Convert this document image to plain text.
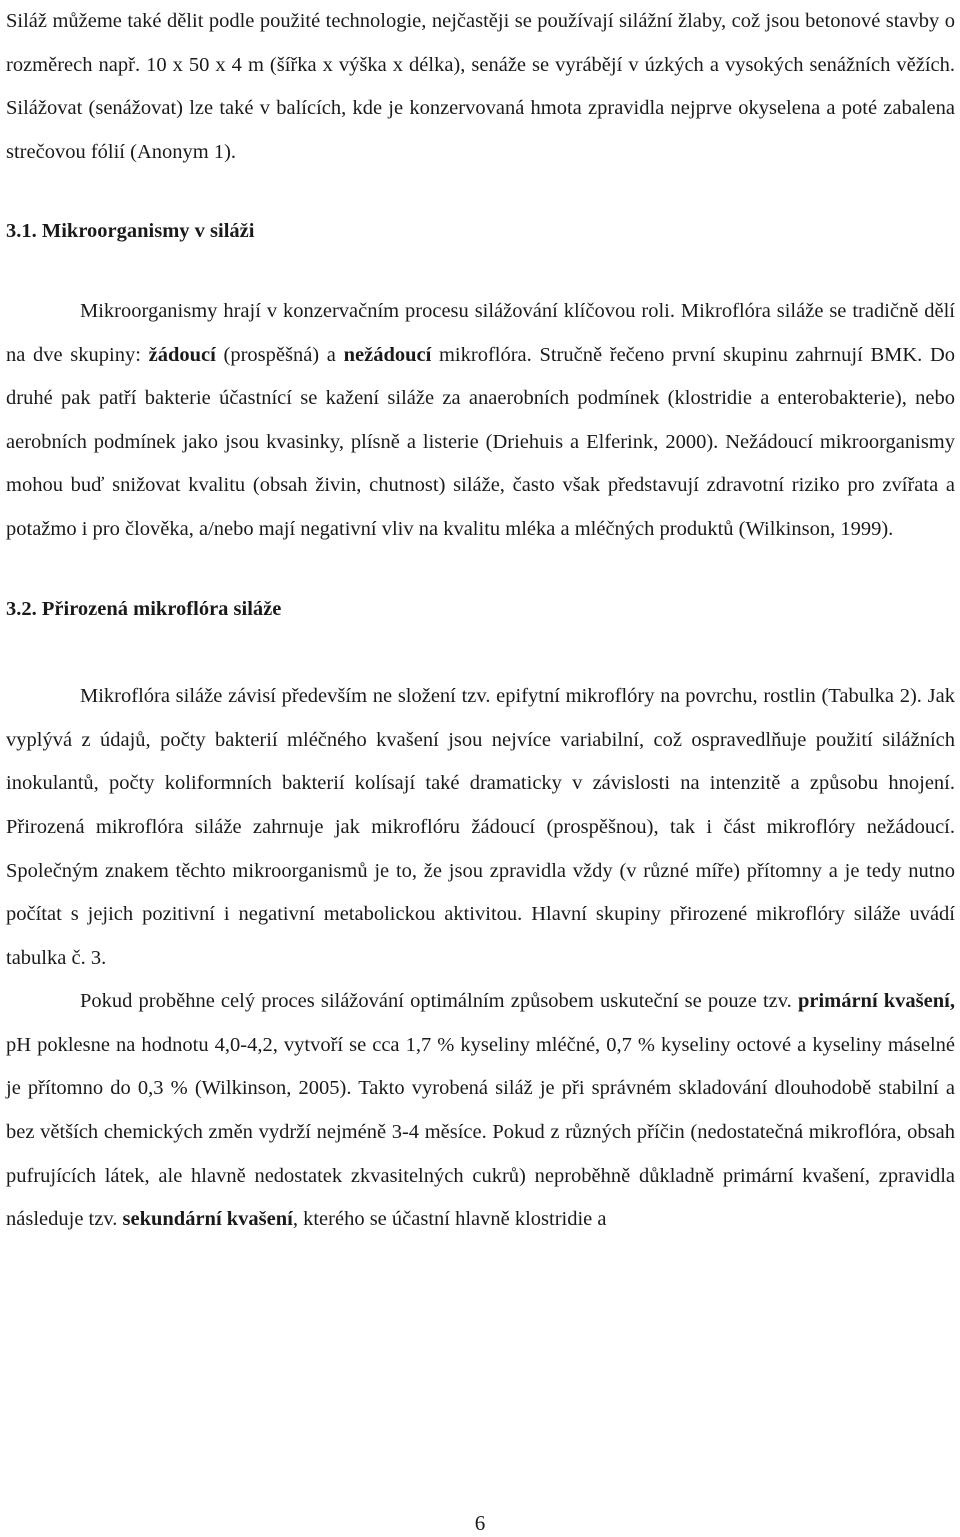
Siláž můžeme také dělit podle použité technologie, nejčastěji se používají silážní žlaby, což jsou betonové stavby o rozměrech např. 10 x 50 x 4 m (šířka x výška x délka), senáže se vyrábějí v úzkých a vysokých senážních věžích. Silážovat (senážovat) lze také v balících, kde je konzervovaná hmota zpravidla nejprve okyselena a poté zabalena strečovou fólií (Anonym 1).

3.1. Mikroorganismy v siláži

Mikroorganismy hrají v konzervačním procesu silážování klíčovou roli. Mikroflóra siláže se tradičně dělí na dve skupiny: žádoucí (prospěšná) a nežádoucí mikroflóra. Stručně řečeno první skupinu zahrnují BMK. Do druhé pak patří bakterie účastnící se kažení siláže za anaerobních podmínek (klostridie a enterobakterie), nebo aerobních podmínek jako jsou kvasinky, plísně a listerie (Driehuis a Elferink, 2000). Nežádoucí mikroorganismy mohou buď snižovat kvalitu (obsah živin, chutnost) siláže, často však představují zdravotní riziko pro zvířata a potažmo i pro člověka, a/nebo mají negativní vliv na kvalitu mléka a mléčných produktů (Wilkinson, 1999).

3.2. Přirozená mikroflóra siláže

Mikroflóra siláže závisí především ne složení tzv. epifytní mikroflóry na povrchu, rostlin (Tabulka 2). Jak vyplývá z údajů, počty bakterií mléčného kvašení jsou nejvíce variabilní, což ospravedlňuje použití silážních inokulantů, počty koliformních bakterií kolísají také dramaticky v závislosti na intenzitě a způsobu hnojení. Přirozená mikroflóra siláže zahrnuje jak mikroflóru žádoucí (prospěšnou), tak i část mikroflóry nežádoucí. Společným znakem těchto mikroorganismů je to, že jsou zpravidla vždy (v různé míře) přítomny a je tedy nutno počítat s jejich pozitivní i negativní metabolickou aktivitou. Hlavní skupiny přirozené mikroflóry siláže uvádí tabulka č. 3.

Pokud proběhne celý proces silážování optimálním způsobem uskuteční se pouze tzv. primární kvašení, pH poklesne na hodnotu 4,0-4,2, vytvoří se cca 1,7 % kyseliny mléčné, 0,7 % kyseliny octové a kyseliny máselné je přítomno do 0,3 % (Wilkinson, 2005). Takto vyrobená siláž je při správném skladování dlouhodobě stabilní a bez větších chemických změn vydrží nejméně 3-4 měsíce. Pokud z různých příčin (nedostatečná mikroflóra, obsah pufrujících látek, ale hlavně nedostatek zkvasitelných cukrů) neproběhně důkladně primární kvašení, zpravidla následuje tzv. sekundární kvašení, kterého se účastní hlavně klostridie a

6
